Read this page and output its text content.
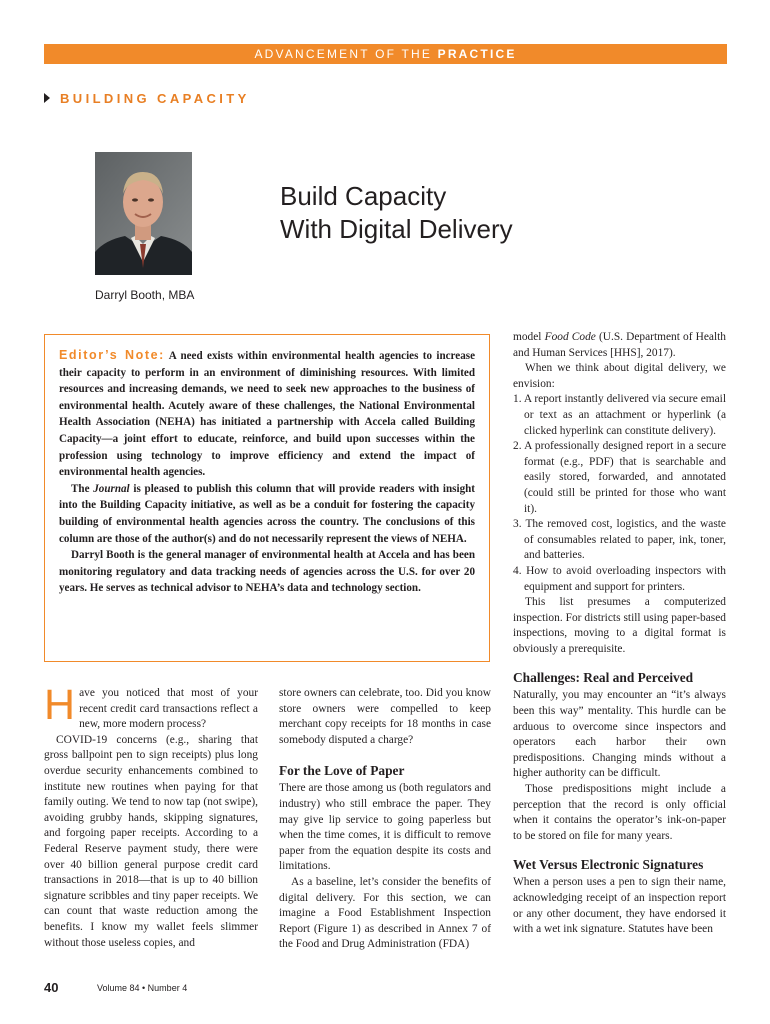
ADVANCEMENT OF THE PRACTICE
BUILDING CAPACITY
Build Capacity
With Digital Delivery
Darryl Booth, MBA

Editor’s Note: A need exists within environmental health agencies to increase their capacity to perform in an environment of diminishing resources. With limited resources and increasing demands, we need to seek new approaches to the business of environmental health. Acutely aware of these challenges, the National Environmental Health Association (NEHA) has initiated a partnership with Accela called Building Capacity—a joint effort to educate, reinforce, and build upon successes within the profession using technology to improve efficiency and extend the impact of environmental health agencies.

The Journal is pleased to publish this column that will provide readers with insight into the Building Capacity initiative, as well as be a conduit for fostering the capacity building of environmental health agencies across the country. The conclusions of this column are those of the author(s) and do not necessarily represent the views of NEHA.

Darryl Booth is the general manager of environmental health at Accela and has been monitoring regulatory and data tracking needs of agencies across the U.S. for over 20 years. He serves as technical advisor to NEHA’s data and technology section.

Have you noticed that most of your recent credit card transactions reflect a new, more modern process?

COVID-19 concerns (e.g., sharing that gross ballpoint pen to sign receipts) plus long overdue security enhancements combined to institute new routines when paying for that family outing. We tend to now tap (not swipe), avoiding grubby hands, skipping signatures, and forgoing paper receipts. According to a Federal Reserve payment study, there were over 40 billion general purpose credit card transactions in 2018—that is up to 40 billion signature scribbles and tiny paper receipts. We can count that waste reduction among the benefits. I know my wallet feels slimmer without those useless copies, and

store owners can celebrate, too. Did you know store owners were compelled to keep merchant copy receipts for 18 months in case somebody disputed a charge?

For the Love of Paper

There are those among us (both regulators and industry) who still embrace the paper. They may give lip service to going paperless but when the time comes, it is difficult to remove paper from the equation despite its costs and limitations.

As a baseline, let’s consider the benefits of digital delivery. For this section, we can imagine a Food Establishment Inspection Report (Figure 1) as described in Annex 7 of the Food and Drug Administration (FDA)

model Food Code (U.S. Department of Health and Human Services [HHS], 2017).

When we think about digital delivery, we envision:

1. A report instantly delivered via secure email or text as an attachment or hyperlink (a clicked hyperlink can constitute delivery).

2. A professionally designed report in a secure format (e.g., PDF) that is searchable and easily stored, forwarded, and annotated (could still be printed for those who want it).

3. The removed cost, logistics, and the waste of consumables related to paper, ink, toner, and batteries.

4. How to avoid overloading inspectors with equipment and support for printers.

This list presumes a computerized inspection. For districts still using paper-based inspections, moving to a digital format is obviously a prerequisite.

Challenges: Real and Perceived

Naturally, you may encounter an “it’s always been this way” mentality. This hurdle can be arduous to overcome since inspectors and operators each harbor their own predispositions. Changing minds without a higher authority can be difficult.

Those predispositions might include a perception that the record is only official when it contains the operator’s ink-on-paper to be stored on file for many years.

Wet Versus Electronic Signatures

When a person uses a pen to sign their name, acknowledging receipt of an inspection report or any other document, they have endorsed it with a wet ink signature. Statutes have been

40	Volume 84 • Number 4
